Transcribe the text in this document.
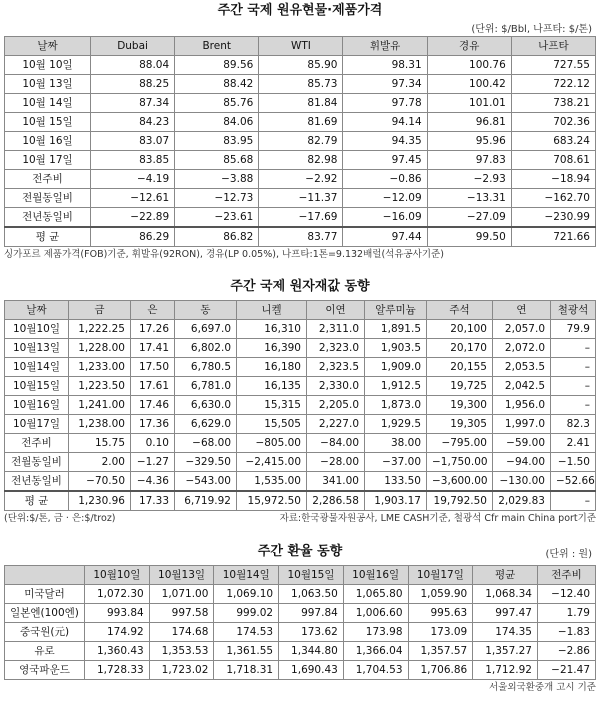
주간 국제 원유현물·제품가격
(단위: $/Bbl, 나프타: $/톤)
날짜	Dubai	Brent	WTI	휘발유	경유	나프타
10월 10일	88.04	89.56	85.90	98.31	100.76	727.55
10월 13일	88.25	88.42	85.73	97.34	100.42	722.12
10월 14일	87.34	85.76	81.84	97.78	101.01	738.21
10월 15일	84.23	84.06	81.69	94.14	96.81	702.36
10월 16일	83.07	83.95	82.79	94.35	95.96	683.24
10월 17일	83.85	85.68	82.98	97.45	97.83	708.61
전주비	−4.19	−3.88	−2.92	−0.86	−2.93	−18.94
전월동일비	−12.61	−12.73	−11.37	−12.09	−13.31	−162.70
전년동일비	−22.89	−23.61	−17.69	−16.09	−27.09	−230.99
평 균	86.29	86.82	83.77	97.44	99.50	721.66
싱가포르 제품가격(FOB)기준, 휘발유(92RON), 경유(LP 0.05%), 나프타:1톤=9.132배럴(석유공사기준)
주간 국제 원자재값 동향
날짜	금	은	동	니켈	이연	알루미늄	주석	연	철광석
10월10일	1,222.25	17.26	6,697.0	16,310	2,311.0	1,891.5	20,100	2,057.0	79.9
10월13일	1,228.00	17.41	6,802.0	16,390	2,323.0	1,903.5	20,170	2,072.0	–
10월14일	1,233.00	17.50	6,780.5	16,180	2,323.5	1,909.0	20,155	2,053.5	–
10월15일	1,223.50	17.61	6,781.0	16,135	2,330.0	1,912.5	19,725	2,042.5	–
10월16일	1,241.00	17.46	6,630.0	15,315	2,205.0	1,873.0	19,300	1,956.0	–
10월17일	1,238.00	17.36	6,629.0	15,505	2,227.0	1,929.5	19,305	1,997.0	82.3
전주비	15.75	0.10	−68.00	−805.00	−84.00	38.00	−795.00	−59.00	2.41
전월동일비	2.00	−1.27	−329.50	−2,415.00	−28.00	−37.00	−1,750.00	−94.00	−1.50
전년동일비	−70.50	−4.36	−543.00	1,535.00	341.00	133.50	−3,600.00	−130.00	−52.66
평 균	1,230.96	17.33	6,719.92	15,972.50	2,286.58	1,903.17	19,792.50	2,029.83	–
(단위:$/톤, 금 · 은:$/troz)	자료:한국광물자원공사, LME CASH기준, 철광석 Cfr main China port기준
주간 환율 동향	(단위 : 원)
	10월10일	10월13일	10월14일	10월15일	10월16일	10월17일	평균	전주비
미국달러	1,072.30	1,071.00	1,069.10	1,063.50	1,065.80	1,059.90	1,068.34	−12.40
일본엔(100엔)	993.84	997.58	999.02	997.84	1,006.60	995.63	997.47	1.79
중국원(元)	174.92	174.68	174.53	173.62	173.98	173.09	174.35	−1.83
유로	1,360.43	1,353.53	1,361.55	1,344.80	1,366.04	1,357.57	1,357.27	−2.86
영국파운드	1,728.33	1,723.02	1,718.31	1,690.43	1,704.53	1,706.86	1,712.92	−21.47
서울외국환중개 고시 기준
